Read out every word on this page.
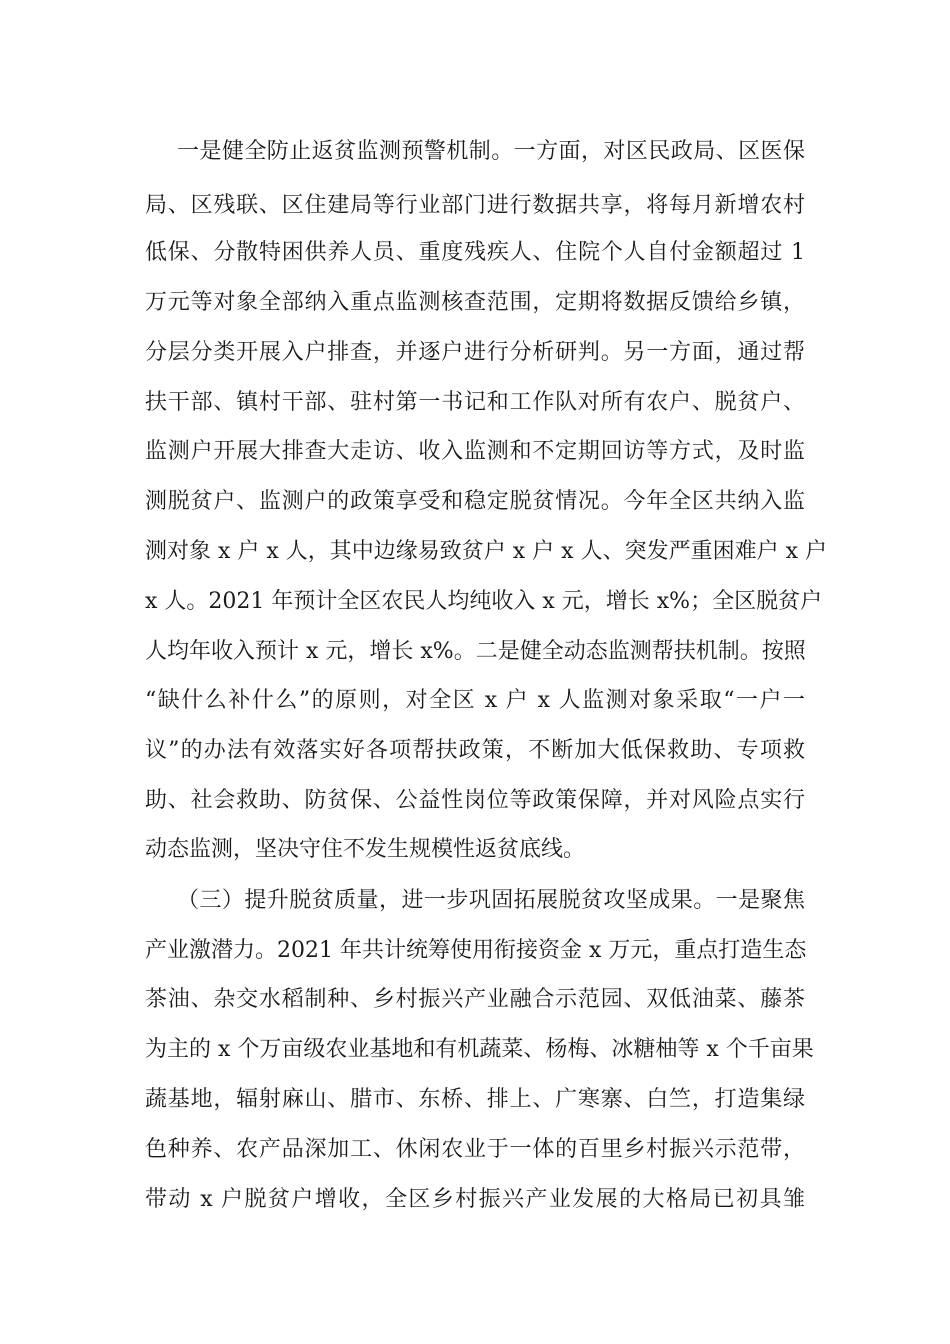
一是健全防止返贫监测预警机制。一方面，对区民政局、区医保
局、区残联、区住建局等行业部门进行数据共享，将每月新增农村
低保、分散特困供养人员、重度残疾人、住院个人自付金额超过 1
万元等对象全部纳入重点监测核查范围，定期将数据反馈给乡镇，
分层分类开展入户排查，并逐户进行分析研判。另一方面，通过帮
扶干部、镇村干部、驻村第一书记和工作队对所有农户、脱贫户、
监测户开展大排查大走访、收入监测和不定期回访等方式，及时监
测脱贫户、监测户的政策享受和稳定脱贫情况。今年全区共纳入监
测对象 x 户 x 人，其中边缘易致贫户 x 户 x 人、突发严重困难户 x 户
x 人。2021 年预计全区农民人均纯收入 x 元，增长 x%；全区脱贫户
人均年收入预计 x 元，增长 x%。二是健全动态监测帮扶机制。按照
“缺什么补什么”的原则，对全区 x 户 x 人监测对象采取“一户一
议”的办法有效落实好各项帮扶政策，不断加大低保救助、专项救
助、社会救助、防贫保、公益性岗位等政策保障，并对风险点实行
动态监测，坚决守住不发生规模性返贫底线。
（三）提升脱贫质量，进一步巩固拓展脱贫攻坚成果。一是聚焦
产业激潜力。2021 年共计统筹使用衔接资金 x 万元，重点打造生态
茶油、杂交水稻制种、乡村振兴产业融合示范园、双低油菜、藤茶
为主的 x 个万亩级农业基地和有机蔬菜、杨梅、冰糖柚等 x 个千亩果
蔬基地，辐射麻山、腊市、东桥、排上、广寒寨、白竺，打造集绿
色种养、农产品深加工、休闲农业于一体的百里乡村振兴示范带，
带动 x 户脱贫户增收，全区乡村振兴产业发展的大格局已初具雏
